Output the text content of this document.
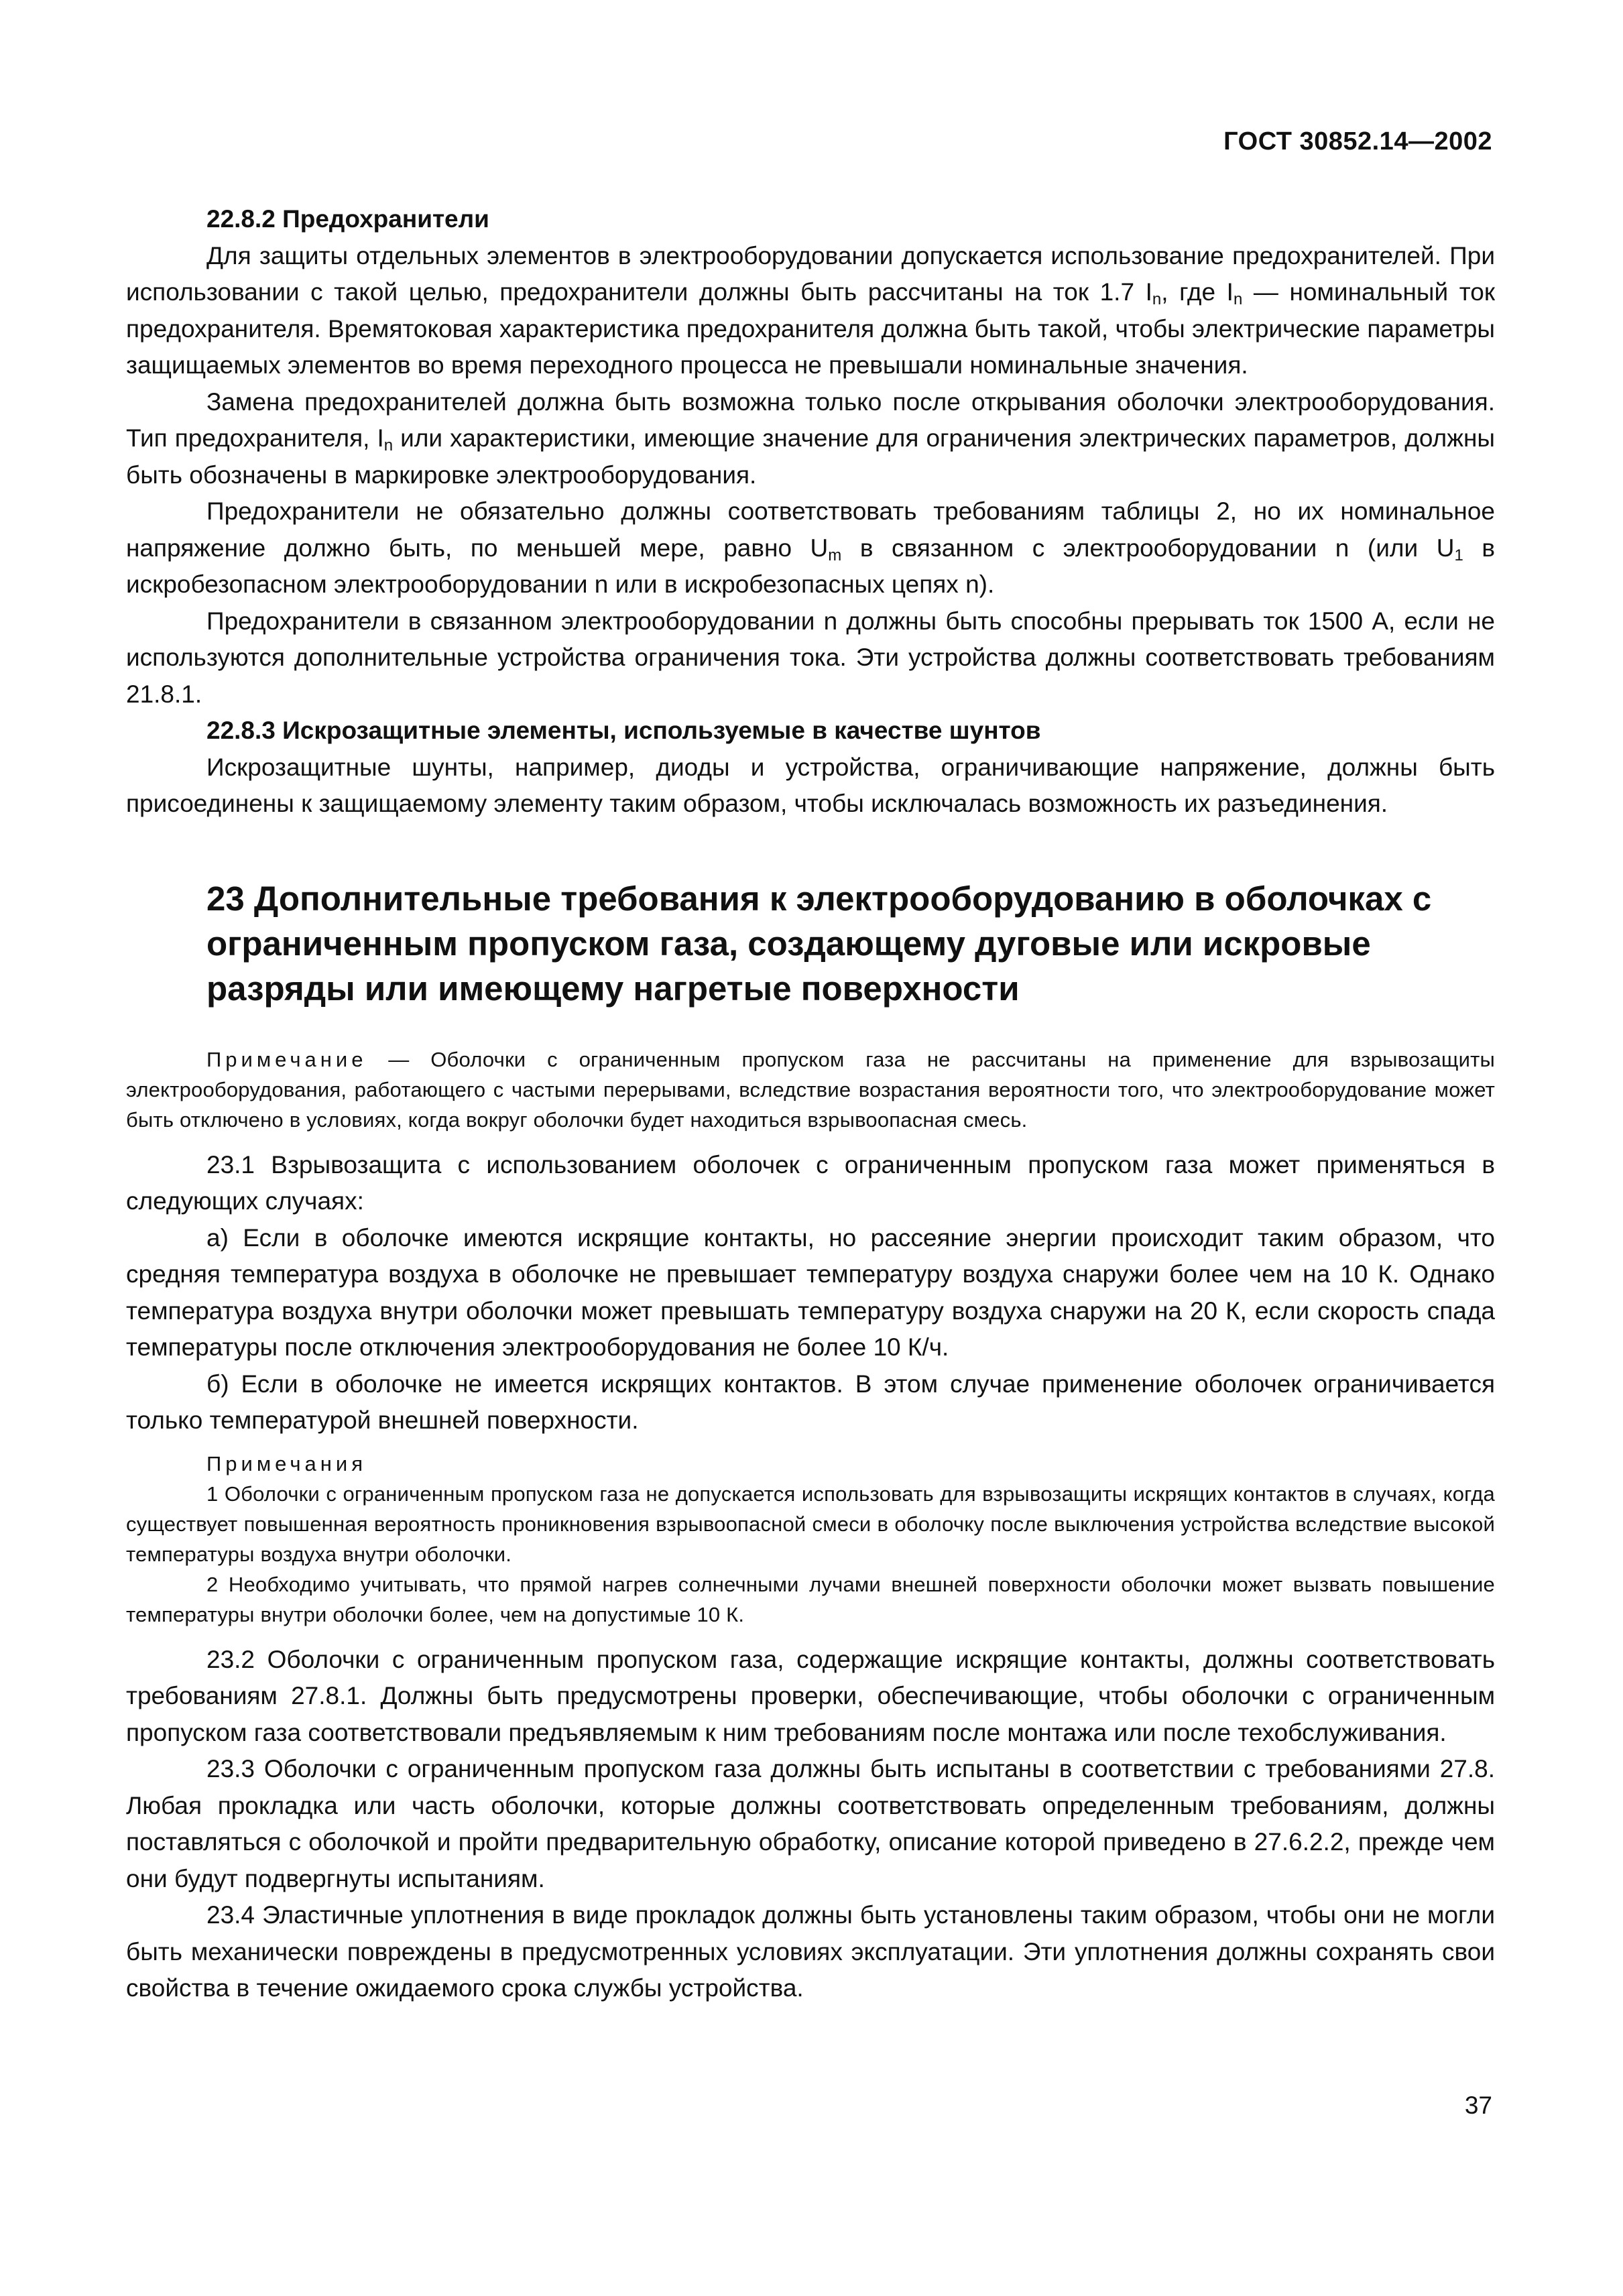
ГОСТ 30852.14—2002

22.8.2 Предохранители

Для защиты отдельных элементов в электрооборудовании допускается использование предохранителей. При использовании с такой целью, предохранители должны быть рассчитаны на ток 1.7 $I_n$, где $I_n$ — номинальный ток предохранителя. Времятоковая характеристика предохранителя должна быть такой, чтобы электрические параметры защищаемых элементов во время переходного процесса не превышали номинальные значения.

Замена предохранителей должна быть возможна только после открывания оболочки электрооборудования. Тип предохранителя, $I_n$ или характеристики, имеющие значение для ограничения электрических параметров, должны быть обозначены в маркировке электрооборудования.

Предохранители не обязательно должны соответствовать требованиям таблицы 2, но их номинальное напряжение должно быть, по меньшей мере, равно $U_m$ в связанном с электрооборудовании n (или $U_1$ в искробезопасном электрооборудовании n или в искробезопасных цепях n).

Предохранители в связанном электрооборудовании n должны быть способны прерывать ток 1500 А, если не используются дополнительные устройства ограничения тока. Эти устройства должны соответствовать требованиям 21.8.1.

22.8.3 Искрозащитные элементы, используемые в качестве шунтов

Искрозащитные шунты, например, диоды и устройства, ограничивающие напряжение, должны быть присоединены к защищаемому элементу таким образом, чтобы исключалась возможность их разъединения.

23 Дополнительные требования к электрооборудованию в оболочках с ограниченным пропуском газа, создающему дуговые или искровые разряды или имеющему нагретые поверхности

Примечание — Оболочки с ограниченным пропуском газа не рассчитаны на применение для взрывозащиты электрооборудования, работающего с частыми перерывами, вследствие возрастания вероятности того, что электрооборудование может быть отключено в условиях, когда вокруг оболочки будет находиться взрывоопасная смесь.

23.1 Взрывозащита с использованием оболочек с ограниченным пропуском газа может применяться в следующих случаях:

а) Если в оболочке имеются искрящие контакты, но рассеяние энергии происходит таким образом, что средняя температура воздуха в оболочке не превышает температуру воздуха снаружи более чем на 10 К. Однако температура воздуха внутри оболочки может превышать температуру воздуха снаружи на 20 К, если скорость спада температуры после отключения электрооборудования не более 10 К/ч.

б) Если в оболочке не имеется искрящих контактов. В этом случае применение оболочек ограничивается только температурой внешней поверхности.

Примечания

1 Оболочки с ограниченным пропуском газа не допускается использовать для взрывозащиты искрящих контактов в случаях, когда существует повышенная вероятность проникновения взрывоопасной смеси в оболочку после выключения устройства вследствие высокой температуры воздуха внутри оболочки.

2 Необходимо учитывать, что прямой нагрев солнечными лучами внешней поверхности оболочки может вызвать повышение температуры внутри оболочки более, чем на допустимые 10 К.

23.2 Оболочки с ограниченным пропуском газа, содержащие искрящие контакты, должны соответствовать требованиям 27.8.1. Должны быть предусмотрены проверки, обеспечивающие, чтобы оболочки с ограниченным пропуском газа соответствовали предъявляемым к ним требованиям после монтажа или после техобслуживания.

23.3 Оболочки с ограниченным пропуском газа должны быть испытаны в соответствии с требованиями 27.8. Любая прокладка или часть оболочки, которые должны соответствовать определенным требованиям, должны поставляться с оболочкой и пройти предварительную обработку, описание которой приведено в 27.6.2.2, прежде чем они будут подвергнуты испытаниям.

23.4 Эластичные уплотнения в виде прокладок должны быть установлены таким образом, чтобы они не могли быть механически повреждены в предусмотренных условиях эксплуатации. Эти уплотнения должны сохранять свои свойства в течение ожидаемого срока службы устройства.

37
